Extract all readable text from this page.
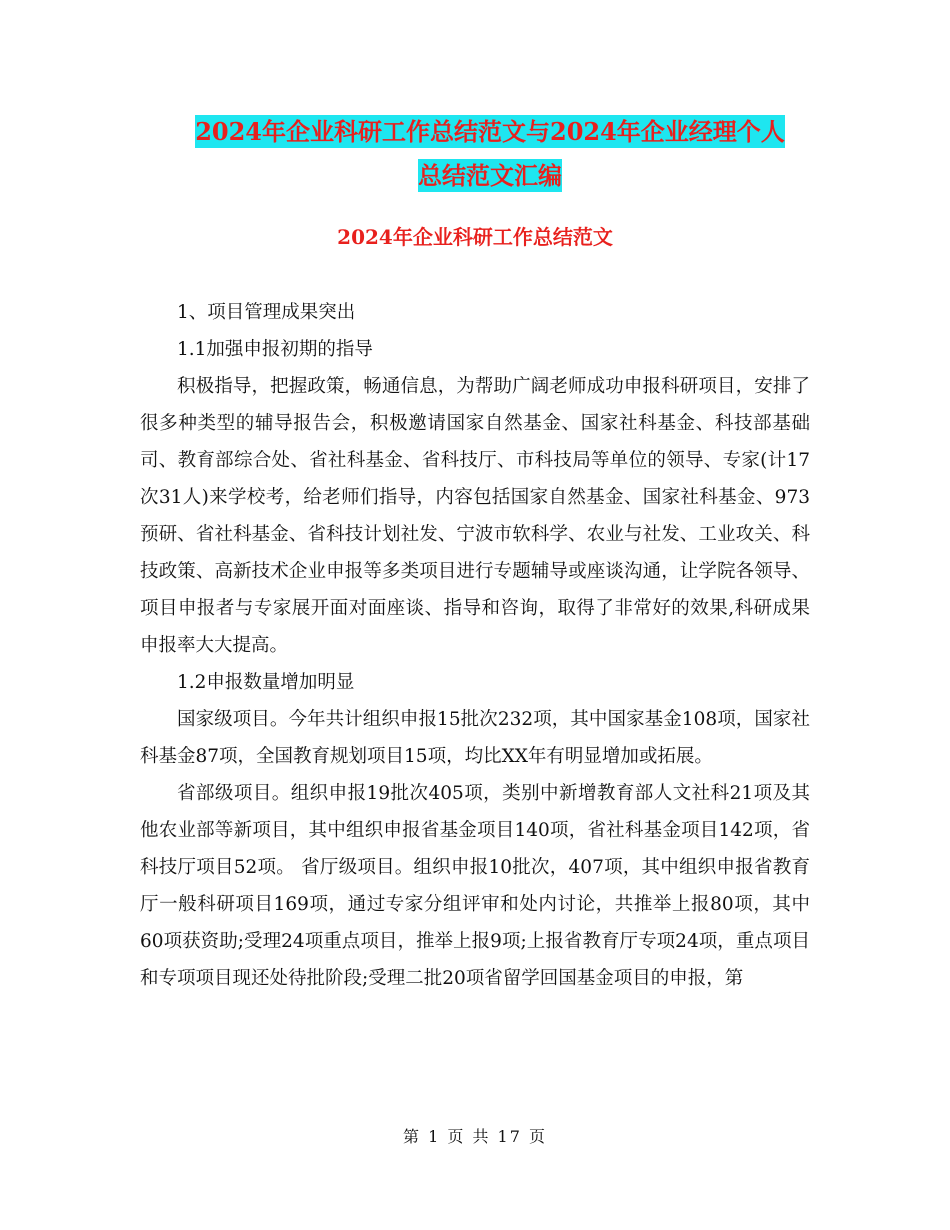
2024年企业科研工作总结范文与2024年企业经理个人
总结范文汇编
2024年企业科研工作总结范文

1、项目管理成果突出

1.1加强申报初期的指导

积极指导，把握政策，畅通信息，为帮助广阔老师成功申报科研项目，安排了很多种类型的辅导报告会，积极邀请国家自然基金、国家社科基金、科技部基础司、教育部综合处、省社科基金、省科技厅、市科技局等单位的领导、专家(计17次31人)来学校考，给老师们指导，内容包括国家自然基金、国家社科基金、973预研、省社科基金、省科技计划社发、宁波市软科学、农业与社发、工业攻关、科技政策、高新技术企业申报等多类项目进行专题辅导或座谈沟通，让学院各领导、项目申报者与专家展开面对面座谈、指导和咨询，取得了非常好的效果,科研成果申报率大大提高。

1.2申报数量增加明显

国家级项目。今年共计组织申报15批次232项，其中国家基金108项，国家社科基金87项，全国教育规划项目15项，均比XX年有明显增加或拓展。

省部级项目。组织申报19批次405项，类别中新增教育部人文社科21项及其他农业部等新项目，其中组织申报省基金项目140项，省社科基金项目142项，省科技厅项目52项。 省厅级项目。组织申报10批次，407项，其中组织申报省教育厅一般科研项目169项，通过专家分组评审和处内讨论，共推举上报80项，其中60项获资助;受理24项重点项目，推举上报9项;上报省教育厅专项24项，重点项目和专项项目现还处待批阶段;受理二批20项省留学回国基金项目的申报，第

第 1 页 共 17 页
